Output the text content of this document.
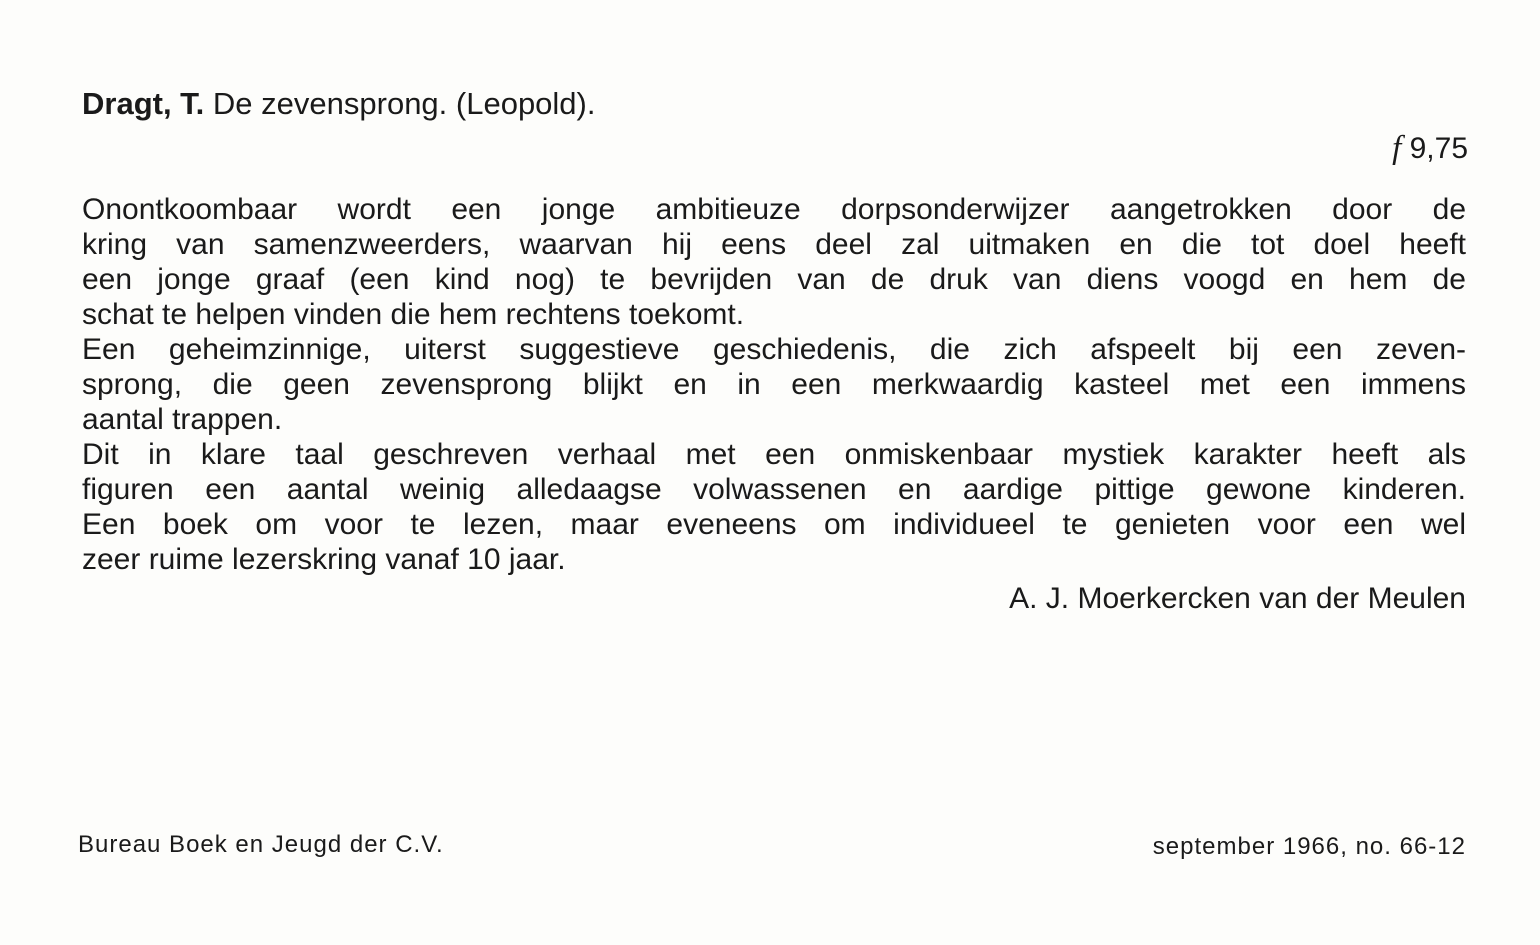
Dragt, T. De zevensprong. (Leopold).
f 9,75
Onontkoombaar wordt een jonge ambitieuze dorpsonderwijzer aangetrokken door de
kring van samenzweerders, waarvan hij eens deel zal uitmaken en die tot doel heeft
een jonge graaf (een kind nog) te bevrijden van de druk van diens voogd en hem de
schat te helpen vinden die hem rechtens toekomt.
Een geheimzinnige, uiterst suggestieve geschiedenis, die zich afspeelt bij een zeven-
sprong, die geen zevensprong blijkt en in een merkwaardig kasteel met een immens
aantal trappen.
Dit in klare taal geschreven verhaal met een onmiskenbaar mystiek karakter heeft als
figuren een aantal weinig alledaagse volwassenen en aardige pittige gewone kinderen.
Een boek om voor te lezen, maar eveneens om individueel te genieten voor een wel
zeer ruime lezerskring vanaf 10 jaar.
A. J. Moerkercken van der Meulen
Bureau Boek en Jeugd der C.V.	september 1966, no. 66-12
